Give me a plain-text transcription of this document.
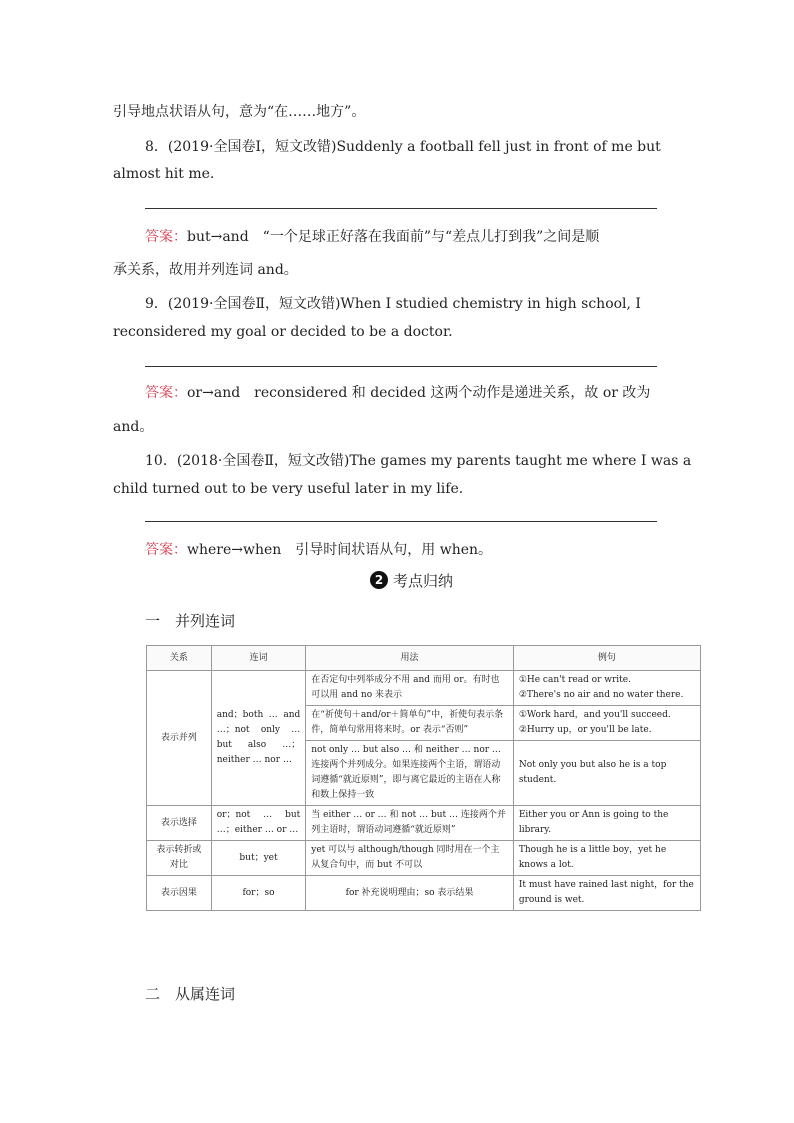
引导地点状语从句，意为“在……地方”。
8．(2019·全国卷Ⅰ，短文改错)Suddenly a football fell just in front of me but
almost hit me.
答案：but→and　“一个足球正好落在我面前”与“差点儿打到我”之间是顺
承关系，故用并列连词 and。
9．(2019·全国卷Ⅱ，短文改错)When I studied chemistry in high school, I
reconsidered my goal or decided to be a doctor.
答案：or→and　reconsidered 和 decided 这两个动作是递进关系，故 or 改为
and。
10．(2018·全国卷Ⅱ，短文改错)The games my parents taught me where I was a
child turned out to be very useful later in my life.
答案：where→when　引导时间状语从句，用 when。
2 考点归纳
一　并列连词
关系	连词	用法	例句
表示并列	and；both … and …；not only … but also …；neither … nor …	在否定句中列举成分不用 and 而用 or。有时也可以用 and no 来表示	①He can't read or write.
②There's no air and no water there.
		在“祈使句＋and/or＋简单句”中，祈使句表示条件，简单句常用将来时。or 表示“否则”	①Work hard，and you'll succeed.
②Hurry up，or you'll be late.
		not only … but also … 和 neither … nor … 连接两个并列成分。如果连接两个主语，谓语动词遵循“就近原则”，即与离它最近的主语在人称和数上保持一致	Not only you but also he is a top student.
表示选择	or；not … but …；either … or …	当 either … or … 和 not … but … 连接两个并列主语时，谓语动词遵循“就近原则”	Either you or Ann is going to the library.
表示转折或对比	but；yet	yet 可以与 although/though 同时用在一个主从复合句中，而 but 不可以	Though he is a little boy，yet he knows a lot.
表示因果	for；so	for 补充说明理由；so 表示结果	It must have rained last night，for the ground is wet.
二　从属连词
